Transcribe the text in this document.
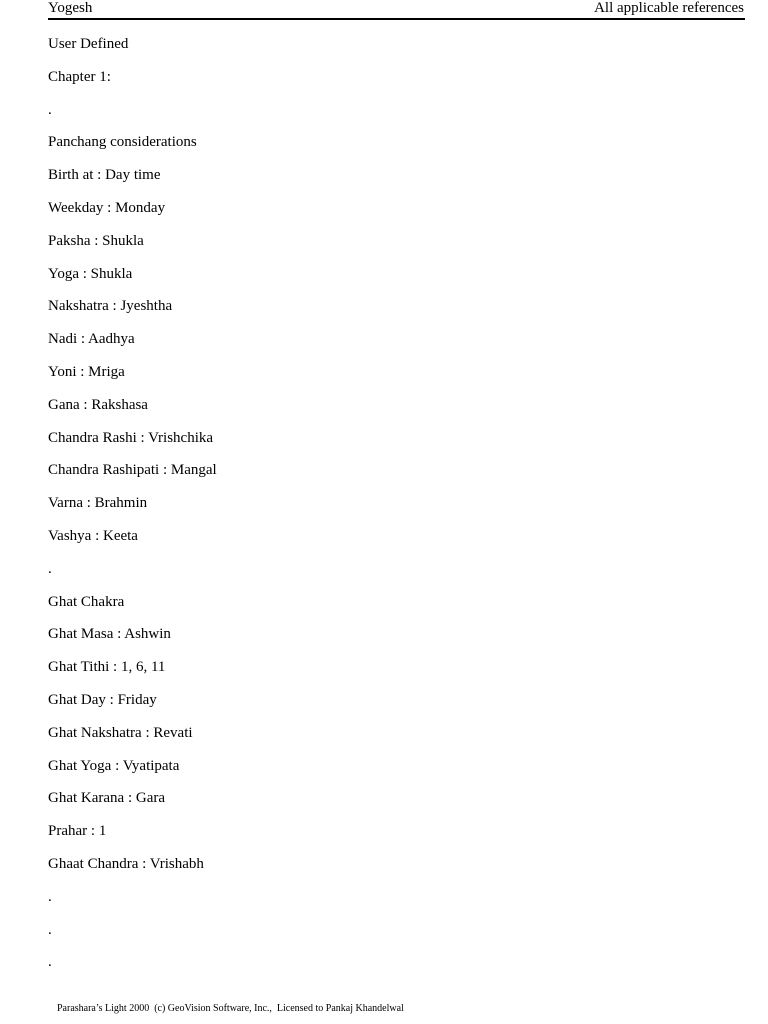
Yogesh	All applicable references
User Defined
Chapter 1:
.
Panchang considerations
Birth at : Day time
Weekday : Monday
Paksha : Shukla
Yoga : Shukla
Nakshatra : Jyeshtha
Nadi : Aadhya
Yoni : Mriga
Gana : Rakshasa
Chandra Rashi : Vrishchika
Chandra Rashipati : Mangal
Varna : Brahmin
Vashya : Keeta
.
Ghat Chakra
Ghat Masa : Ashwin
Ghat Tithi : 1, 6, 11
Ghat Day : Friday
Ghat Nakshatra : Revati
Ghat Yoga : Vyatipata
Ghat Karana : Gara
Prahar : 1
Ghaat Chandra : Vrishabh
.
.
.
Parashara’s Light 2000  (c) GeoVision Software, Inc.,  Licensed to Pankaj Khandelwal
